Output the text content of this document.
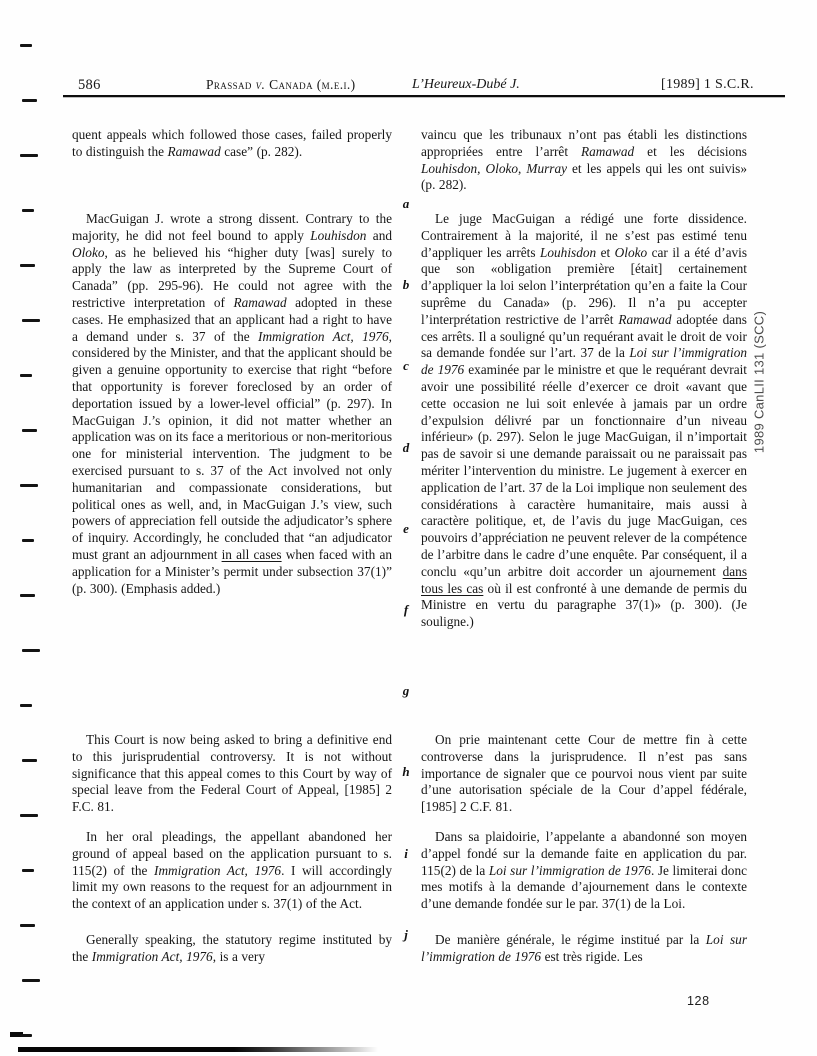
586	Prassad v. Canada (m.e.i.)	L’Heureux-Dubé J.	[1989] 1 S.C.R.

quent appeals which followed those cases, failed properly to distinguish the Ramawad case” (p. 282).

MacGuigan J. wrote a strong dissent. Contrary to the majority, he did not feel bound to apply Louhisdon and Oloko, as he believed his “higher duty [was] surely to apply the law as interpreted by the Supreme Court of Canada” (pp. 295-96). He could not agree with the restrictive interpretation of Ramawad adopted in these cases. He emphasized that an applicant had a right to have a demand under s. 37 of the Immigration Act, 1976, considered by the Minister, and that the applicant should be given a genuine opportunity to exercise that right “before that opportunity is forever foreclosed by an order of deportation issued by a lower-level official” (p. 297). In MacGuigan J.’s opinion, it did not matter whether an application was on its face a meritorious or non-meritorious one for ministerial intervention. The judgment to be exercised pursuant to s. 37 of the Act involved not only humanitarian and compassionate considerations, but political ones as well, and, in MacGuigan J.’s view, such powers of appreciation fell outside the adjudicator’s sphere of inquiry. Accordingly, he concluded that “an adjudicator must grant an adjournment in all cases when faced with an application for a Minister’s permit under subsection 37(1)” (p. 300). (Emphasis added.)

This Court is now being asked to bring a definitive end to this jurisprudential controversy. It is not without significance that this appeal comes to this Court by way of special leave from the Federal Court of Appeal, [1985] 2 F.C. 81.

In her oral pleadings, the appellant abandoned her ground of appeal based on the application pursuant to s. 115(2) of the Immigration Act, 1976. I will accordingly limit my own reasons to the request for an adjournment in the context of an application under s. 37(1) of the Act.

Generally speaking, the statutory regime instituted by the Immigration Act, 1976, is a very

vaincu que les tribunaux n’ont pas établi les distinctions appropriées entre l’arrêt Ramawad et les décisions Louhisdon, Oloko, Murray et les appels qui les ont suivis» (p. 282).

Le juge MacGuigan a rédigé une forte dissidence. Contrairement à la majorité, il ne s’est pas estimé tenu d’appliquer les arrêts Louhisdon et Oloko car il a été d’avis que son «obligation première [était] certainement d’appliquer la loi selon l’interprétation qu’en a faite la Cour suprême du Canada» (p. 296). Il n’a pu accepter l’interprétation restrictive de l’arrêt Ramawad adoptée dans ces arrêts. Il a souligné qu’un requérant avait le droit de voir sa demande fondée sur l’art. 37 de la Loi sur l’immigration de 1976 examinée par le ministre et que le requérant devrait avoir une possibilité réelle d’exercer ce droit «avant que cette occasion ne lui soit enlevée à jamais par un ordre d’expulsion délivré par un fonctionnaire d’un niveau inférieur» (p. 297). Selon le juge MacGuigan, il n’importait pas de savoir si une demande paraissait ou ne paraissait pas mériter l’intervention du ministre. Le jugement à exercer en application de l’art. 37 de la Loi implique non seulement des considérations à caractère humanitaire, mais aussi à caractère politique, et, de l’avis du juge MacGuigan, ces pouvoirs d’appréciation ne peuvent relever de la compétence de l’arbitre dans le cadre d’une enquête. Par conséquent, il a conclu «qu’un arbitre doit accorder un ajournement dans tous les cas où il est confronté à une demande de permis du Ministre en vertu du paragraphe 37(1)» (p. 300). (Je souligne.)

On prie maintenant cette Cour de mettre fin à cette controverse dans la jurisprudence. Il n’est pas sans importance de signaler que ce pourvoi nous vient par suite d’une autorisation spéciale de la Cour d’appel fédérale, [1985] 2 C.F. 81.

Dans sa plaidoirie, l’appelante a abandonné son moyen d’appel fondé sur la demande faite en application du par. 115(2) de la Loi sur l’immigration de 1976. Je limiterai donc mes motifs à la demande d’ajournement dans le contexte d’une demande fondée sur le par. 37(1) de la Loi.

De manière générale, le régime institué par la Loi sur l’immigration de 1976 est très rigide. Les

a
b
c
d
e
f
g
h
i
j
1989 CanLII 131 (SCC)
128
